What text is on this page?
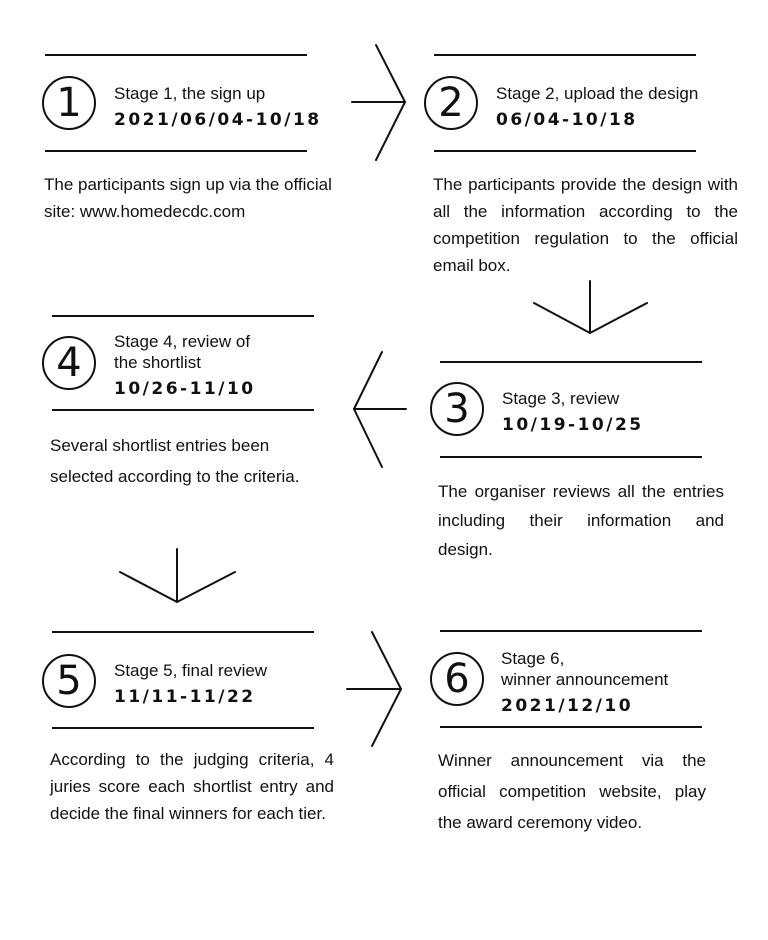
1	Stage 1, the sign up
2021/06/04-10/18
The participants sign up via the official site: www.homedecdc.com
2	Stage 2, upload the design
06/04-10/18
The participants provide the design with all the information according to the competition regulation to the official email box.
4	Stage 4, review of
the shortlist
10/26-11/10
Several shortlist entries been selected according to the criteria.
3	Stage 3, review
10/19-10/25
The organiser reviews all the entries including their information and design.
5	Stage 5, final review
11/11-11/22
According to the judging criteria, 4 juries score each shortlist entry and decide the final winners for each tier.
6	Stage 6,
winner announcement
2021/12/10
Winner announcement via the official competition website, play the award ceremony video.
